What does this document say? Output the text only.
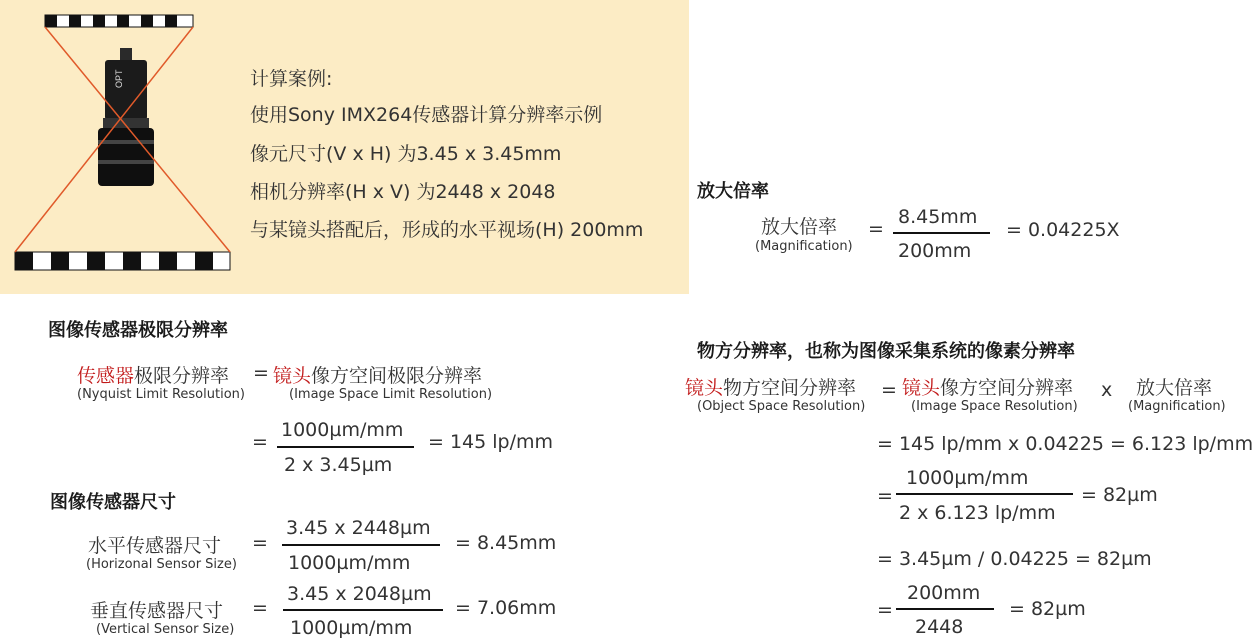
OPT	计算案例:
使用Sony IMX264传感器计算分辨率示例
像元尺寸(V x H) 为3.45 x 3.45mm
相机分辨率(H x V) 为2448 x 2048
与某镜头搭配后，形成的水平视场(H) 200mm
放大倍率
放大倍率
(Magnification)
=
8.45mm
200mm
= 0.04225X
图像传感器极限分辨率
传感器极限分辨率
(Nyquist Limit Resolution)
= 镜头像方空间极限分辨率
(Image Space Limit Resolution)
=
1000µm/mm
2 x 3.45µm
= 145 lp/mm
图像传感器尺寸
水平传感器尺寸
(Horizonal Sensor Size)
=
3.45 x 2448µm
1000µm/mm
= 8.45mm
垂直传感器尺寸
(Vertical Sensor Size)
=
3.45 x 2048µm
1000µm/mm
= 7.06mm
物方分辨率，也称为图像采集系统的像素分辨率
镜头物方空间分辨率
(Object Space Resolution)
= 镜头像方空间分辨率
(Image Space Resolution)
x 放大倍率
(Magnification)
= 145 lp/mm x 0.04225 = 6.123 lp/mm
=
1000µm/mm
2 x 6.123 lp/mm
= 82µm
= 3.45µm / 0.04225 = 82µm
=
200mm
2448
= 82µm
